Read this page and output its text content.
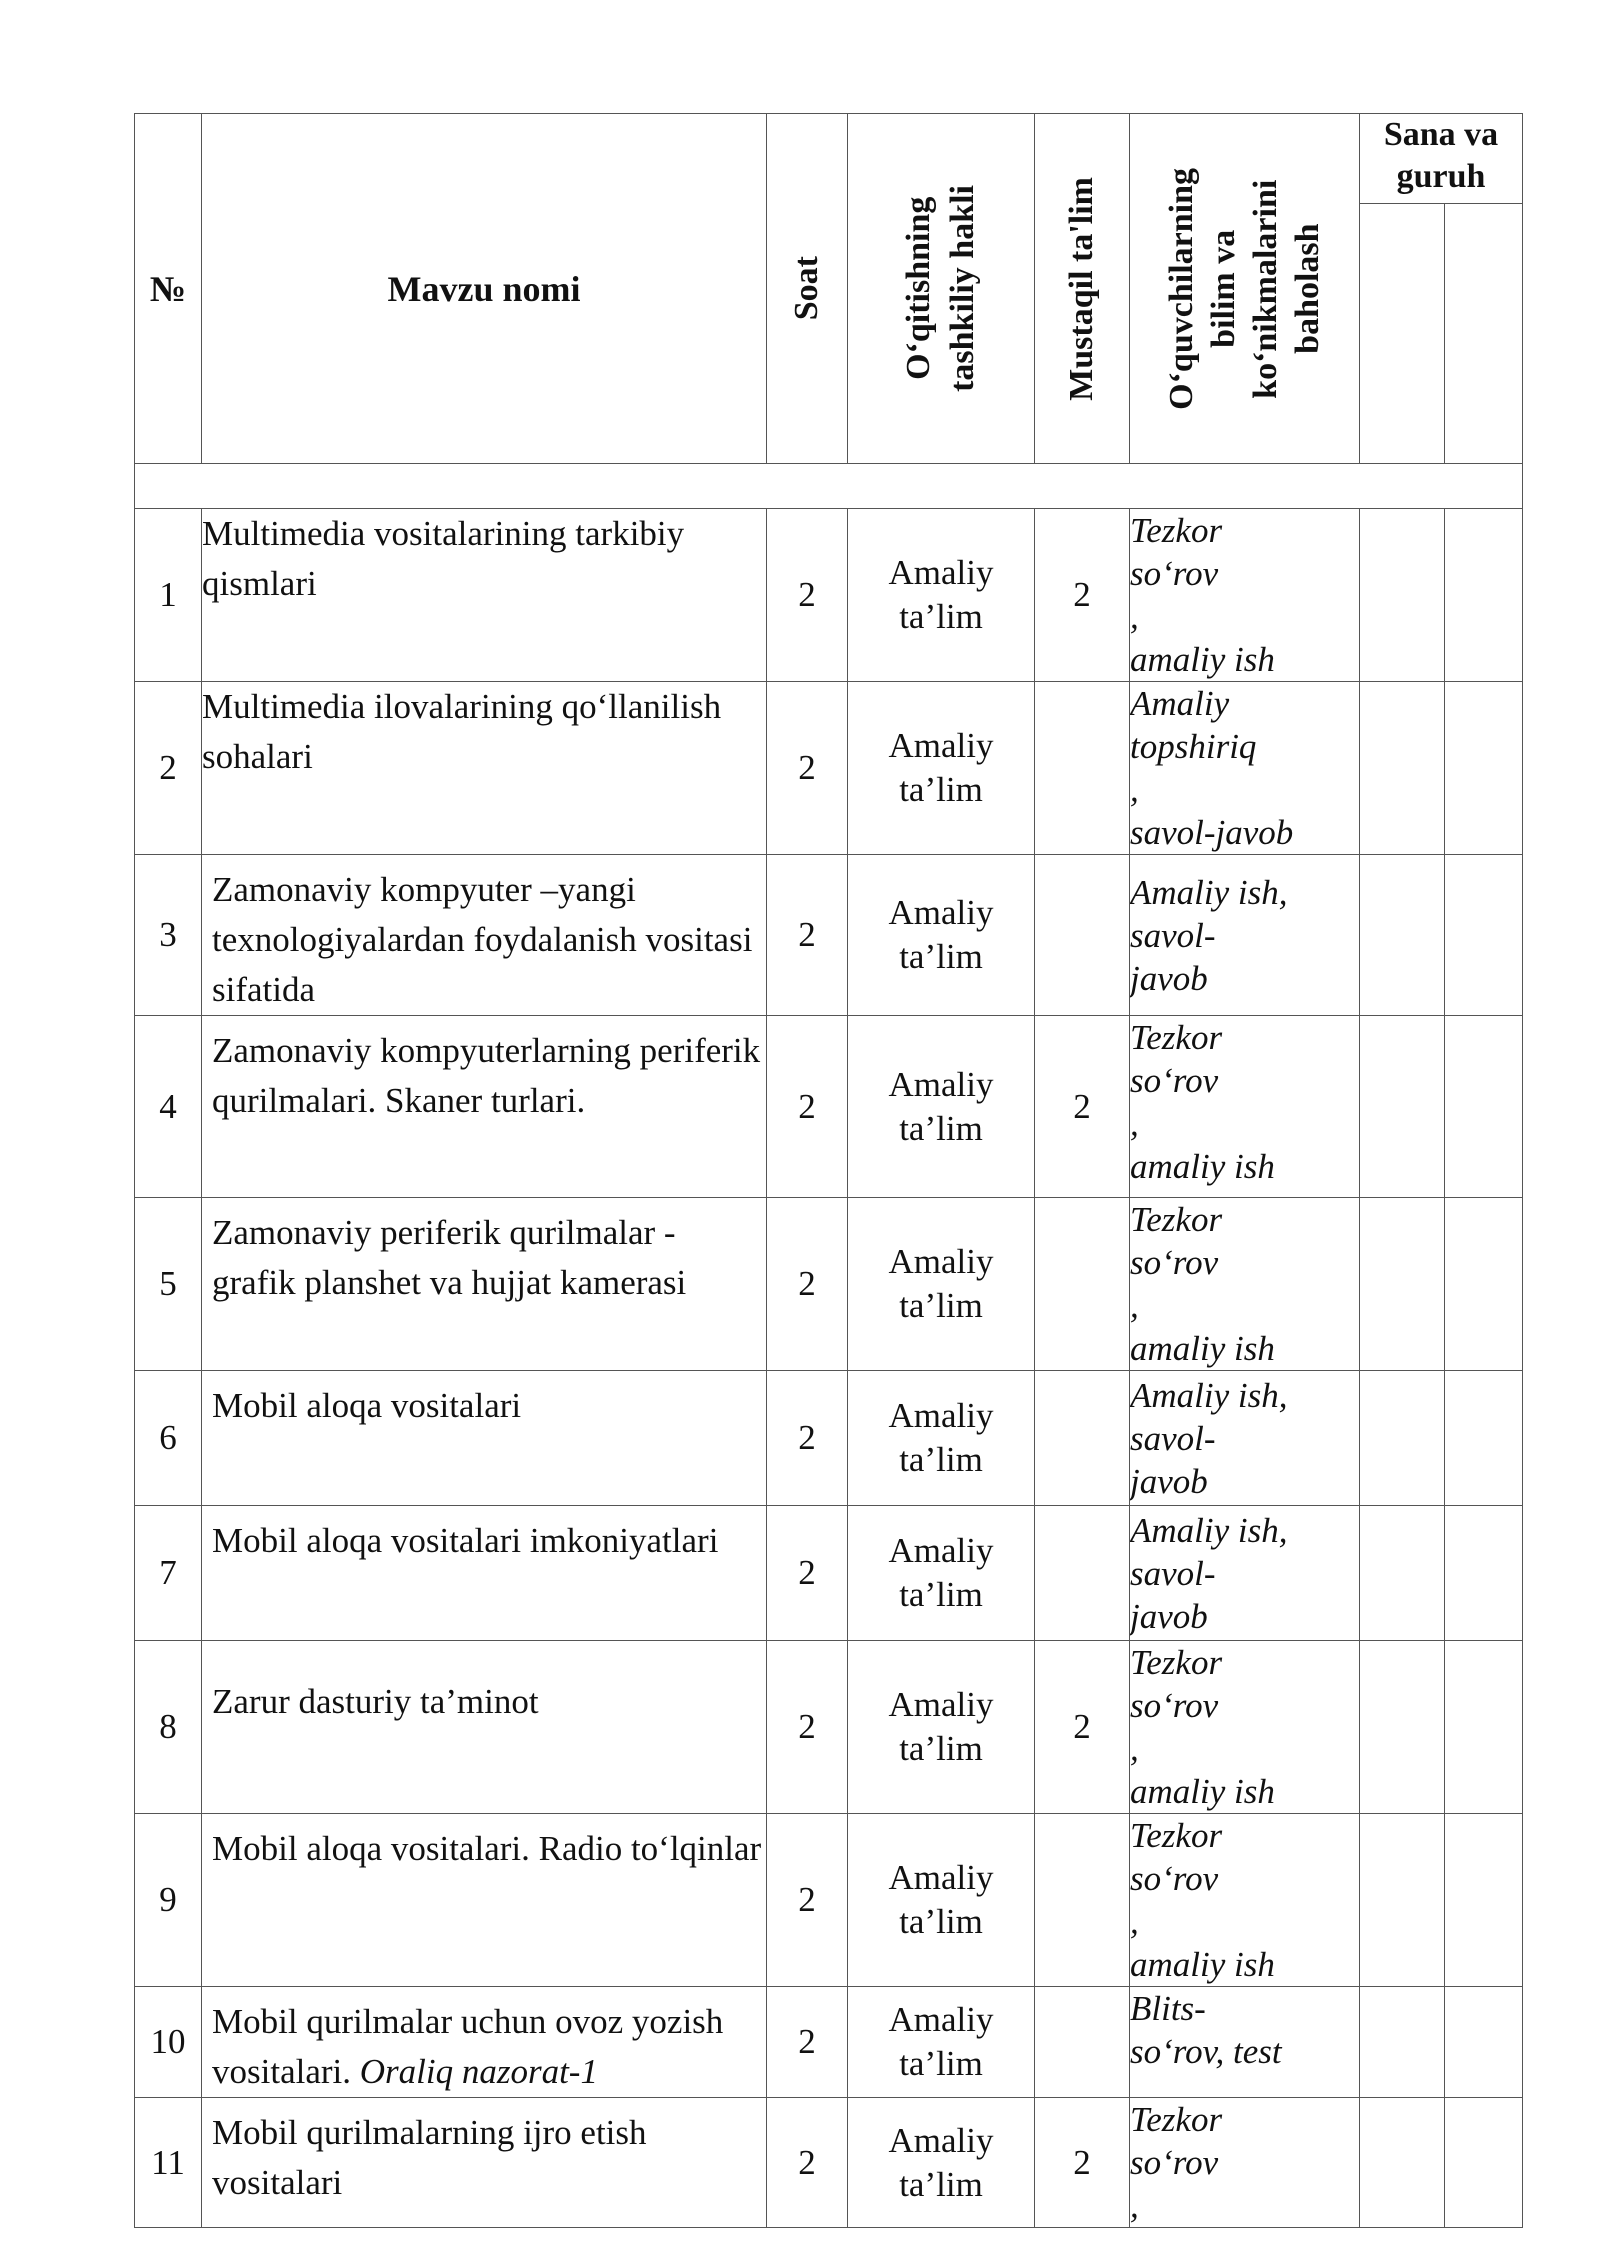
№	Mavzu nomi	Soat	O‘qitishning
tashkiliy hakli	Mustaqil ta'lim	O‘quvchilarning
bilim va
ko‘nikmalarini
baholash	Sana va
guruh	

1	Multimedia vositalarining tarkibiy qismlari	2	Amaliy
ta’lim	2	Tezkor
so‘rov
,
amaliy ish		
2	Multimedia ilovalarining qo‘llanilish sohalari	2	Amaliy
ta’lim		Amaliy
topshiriq
,
savol-javob		
3	Zamonaviy kompyuter –yangi texnologiyalardan foydalanish vositasi sifatida	2	Amaliy
ta’lim		Amaliy ish,
savol-
javob		
4	Zamonaviy kompyuterlarning periferik qurilmalari. Skaner turlari.	2	Amaliy
ta’lim	2	Tezkor
so‘rov
,
amaliy ish		
5	Zamonaviy periferik qurilmalar - grafik planshet va hujjat kamerasi	2	Amaliy
ta’lim		Tezkor
so‘rov
,
amaliy ish		
6	Mobil aloqa vositalari	2	Amaliy
ta’lim		Amaliy ish,
savol-
javob		
7	Mobil aloqa vositalari imkoniyatlari	2	Amaliy
ta’lim		Amaliy ish,
savol-
javob		
8	Zarur dasturiy ta’minot	2	Amaliy
ta’lim	2	Tezkor
so‘rov
,
amaliy ish		
9	Mobil aloqa vositalari. Radio to‘lqinlar	2	Amaliy
ta’lim		Tezkor
so‘rov
,
amaliy ish		
10	Mobil qurilmalar uchun ovoz yozish vositalari. Oraliq nazorat-1	2	Amaliy
ta’lim		Blits-
so‘rov, test		
11	Mobil qurilmalarning ijro etish vositalari	2	Amaliy
ta’lim	2	Tezkor
so‘rov
,		
